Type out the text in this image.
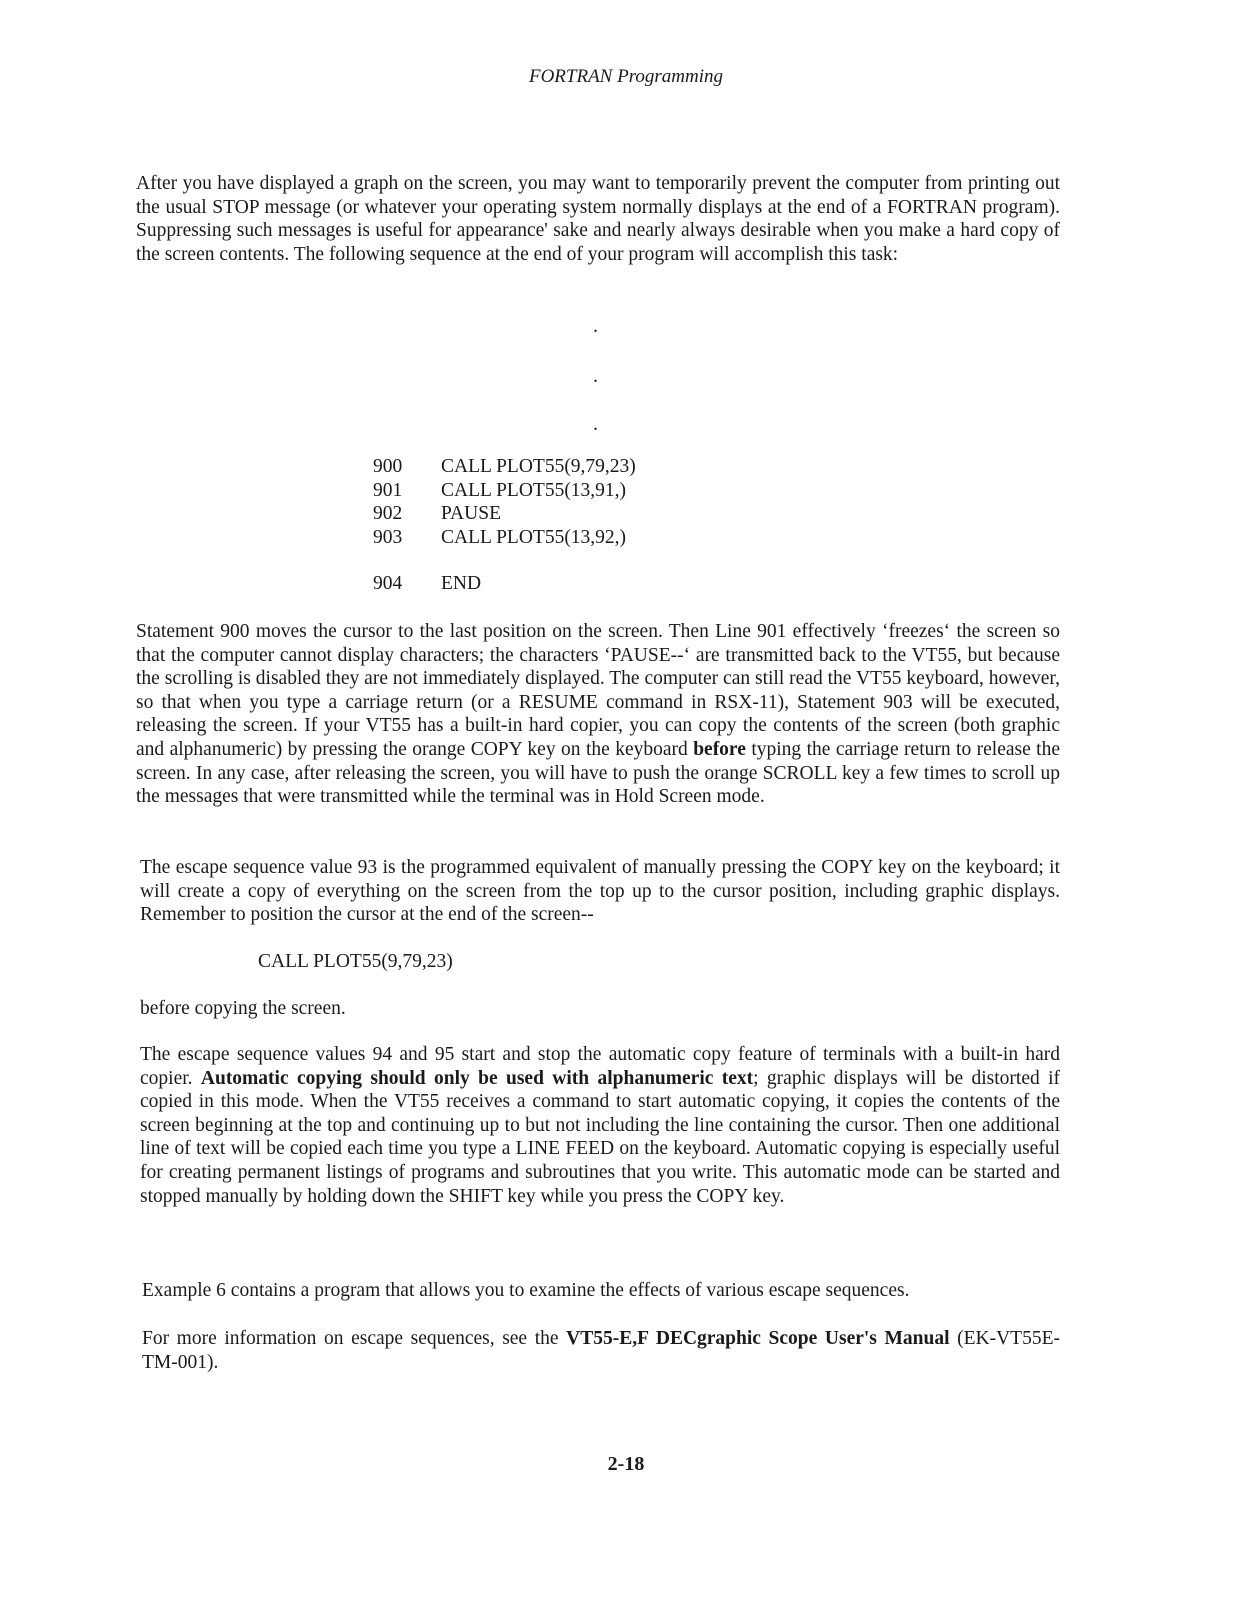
FORTRAN Programming

After you have displayed a graph on the screen, you may want to temporarily prevent the computer from printing out the usual STOP message (or whatever your operating system normally displays at the end of a FORTRAN program). Suppressing such messages is useful for appearance' sake and nearly always desirable when you make a hard copy of the screen contents. The following sequence at the end of your program will accomplish this task:

.
.
.
900	CALL PLOT55(9,79,23)
901	CALL PLOT55(13,91,)
902	PAUSE
903	CALL PLOT55(13,92,)
904	END

Statement 900 moves the cursor to the last position on the screen. Then Line 901 effectively ‘freezes‘ the screen so that the computer cannot display characters; the characters ‘PAUSE--‘ are transmitted back to the VT55, but because the scrolling is disabled they are not immediately displayed. The computer can still read the VT55 keyboard, however, so that when you type a carriage return (or a RESUME command in RSX-11), Statement 903 will be executed, releasing the screen. If your VT55 has a built-in hard copier, you can copy the contents of the screen (both graphic and alphanumeric) by pressing the orange COPY key on the keyboard before typing the carriage return to release the screen. In any case, after releasing the screen, you will have to push the orange SCROLL key a few times to scroll up the messages that were transmitted while the terminal was in Hold Screen mode.

The escape sequence value 93 is the programmed equivalent of manually pressing the COPY key on the keyboard; it will create a copy of everything on the screen from the top up to the cursor position, including graphic displays. Remember to position the cursor at the end of the screen--

CALL PLOT55(9,79,23)

before copying the screen.

The escape sequence values 94 and 95 start and stop the automatic copy feature of terminals with a built-in hard copier. Automatic copying should only be used with alphanumeric text; graphic displays will be distorted if copied in this mode. When the VT55 receives a command to start automatic copying, it copies the contents of the screen beginning at the top and continuing up to but not including the line containing the cursor. Then one additional line of text will be copied each time you type a LINE FEED on the keyboard. Automatic copying is especially useful for creating permanent listings of programs and subroutines that you write. This automatic mode can be started and stopped manually by holding down the SHIFT key while you press the COPY key.

Example 6 contains a program that allows you to examine the effects of various escape sequences.

For more information on escape sequences, see the VT55-E,F DECgraphic Scope User's Manual (EK-VT55E-TM-001).

2-18
